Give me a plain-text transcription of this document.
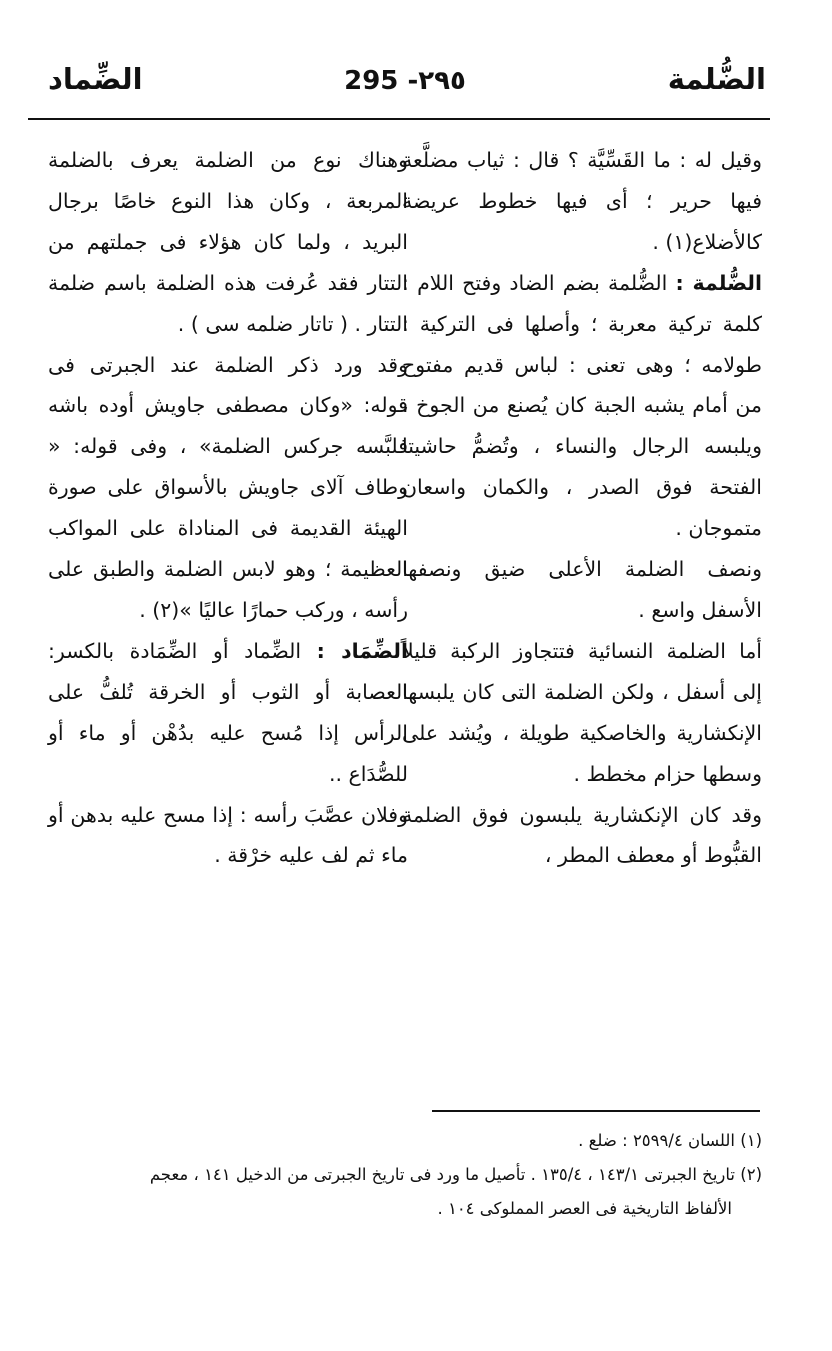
الضُّلمة
295 -٢٩٥
الضِّماد

وقيل له : ما القَسِّيَّة ؟ قال : ثياب مضلَّعة فيها حرير ؛ أى فيها خطوط عريضة كالأضلاع(١) .

الضُّلمة : الضُّلمة بضم الضاد وفتح اللام : كلمة تركية معربة ؛ وأصلها فى التركية : طولامه ؛ وهى تعنى : لباس قديم مفتوح من أمام يشبه الجبة كان يُصنع من الجوخ ، ويلبسه الرجال والنساء ، وتُضمُّ حاشيتا الفتحة فوق الصدر ، والكمان واسعان متموجان .

ونصف الضلمة الأعلى ضيق ونصفها الأسفل واسع .

أما الضلمة النسائية فتتجاوز الركبة قليلاً إلى أسفل ، ولكن الضلمة التى كان يلبسها الإنكشارية والخاصكية طويلة ، ويُشد على وسطها حزام مخطط .

وقد كان الإنكشارية يلبسون فوق الضلمة القبُّوط أو معطف المطر ،

وهناك نوع من الضلمة يعرف بالضلمة المربعة ، وكان هذا النوع خاصًا برجال البريد ، ولما كان هؤلاء فى جملتهم من التتار فقد عُرفت هذه الضلمة باسم ضلمة التتار . ( تاتار ضلمه سى ) .

وقد ورد ذكر الضلمة عند الجبرتى فى قوله: «وكان مصطفى جاويش أوده باشه فلبَّسه جركس الضلمة» ، وفى قوله: « وطاف آلاى جاويش بالأسواق على صورة الهيئة القديمة فى المناداة على المواكب العظيمة ؛ وهو لابس الضلمة والطبق على رأسه ، وركب حمارًا عاليًا »(٢) .

الضِّمَاد : الضِّماد أو الضِّمَادة بالكسر: العصابة أو الثوب أو الخرقة تُلفُّ على الرأس إذا مُسح عليه بدُهْن أو ماء أو للصُّدَاع ..

وفلان عصَّبَ رأسه : إذا مسح عليه بدهن أو ماء ثم لف عليه خرْقة .

(١) اللسان ٢٥٩٩/٤ : ضلع .

(٢) تاريخ الجبرتى ١٤٣/١ ، ١٣٥/٤ . تأصيل ما ورد فى تاريخ الجبرتى من الدخيل ١٤١ ، معجم

الألفاظ التاريخية فى العصر المملوكى ١٠٤ .
